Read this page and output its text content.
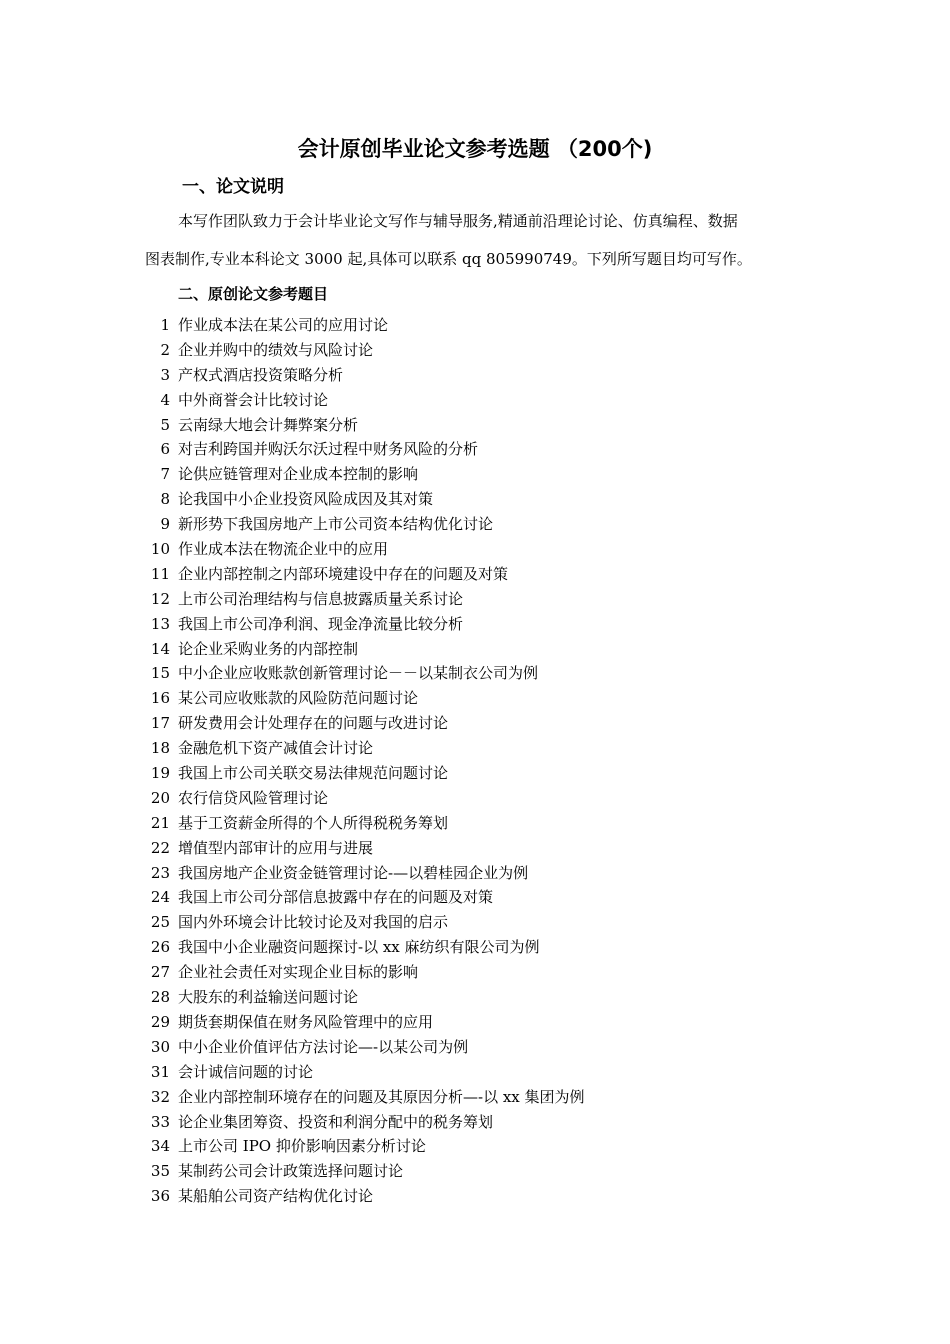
会计原创毕业论文参考选题 （200个)
一、论文说明

本写作团队致力于会计毕业论文写作与辅导服务,精通前沿理论讨论、仿真编程、数据

图表制作,专业本科论文 3000 起,具体可以联系 qq 805990749。下列所写题目均可写作。

二、原创论文参考题目
1 作业成本法在某公司的应用讨论
2 企业并购中的绩效与风险讨论
3 产权式酒店投资策略分析
4 中外商誉会计比较讨论
5 云南绿大地会计舞弊案分析
6 对吉利跨国并购沃尔沃过程中财务风险的分析
7 论供应链管理对企业成本控制的影响
8 论我国中小企业投资风险成因及其对策
9 新形势下我国房地产上市公司资本结构优化讨论
10 作业成本法在物流企业中的应用
11 企业内部控制之内部环境建设中存在的问题及对策
12 上市公司治理结构与信息披露质量关系讨论
13 我国上市公司净利润、现金净流量比较分析
14 论企业采购业务的内部控制
15 中小企业应收账款创新管理讨论－－以某制衣公司为例
16 某公司应收账款的风险防范问题讨论
17 研发费用会计处理存在的问题与改进讨论
18 金融危机下资产减值会计讨论
19 我国上市公司关联交易法律规范问题讨论
20 农行信贷风险管理讨论
21 基于工资薪金所得的个人所得税税务筹划
22 增值型内部审计的应用与进展
23 我国房地产企业资金链管理讨论-—以碧桂园企业为例
24 我国上市公司分部信息披露中存在的问题及对策
25 国内外环境会计比较讨论及对我国的启示
26 我国中小企业融资问题探讨-以 xx 麻纺织有限公司为例
27 企业社会责任对实现企业目标的影响
28 大股东的利益输送问题讨论
29 期货套期保值在财务风险管理中的应用
30 中小企业价值评估方法讨论—-以某公司为例
31 会计诚信问题的讨论
32 企业内部控制环境存在的问题及其原因分析—-以 xx 集团为例
33 论企业集团筹资、投资和利润分配中的税务筹划
34 上市公司 IPO 抑价影响因素分析讨论
35 某制药公司会计政策选择问题讨论
36 某船舶公司资产结构优化讨论
